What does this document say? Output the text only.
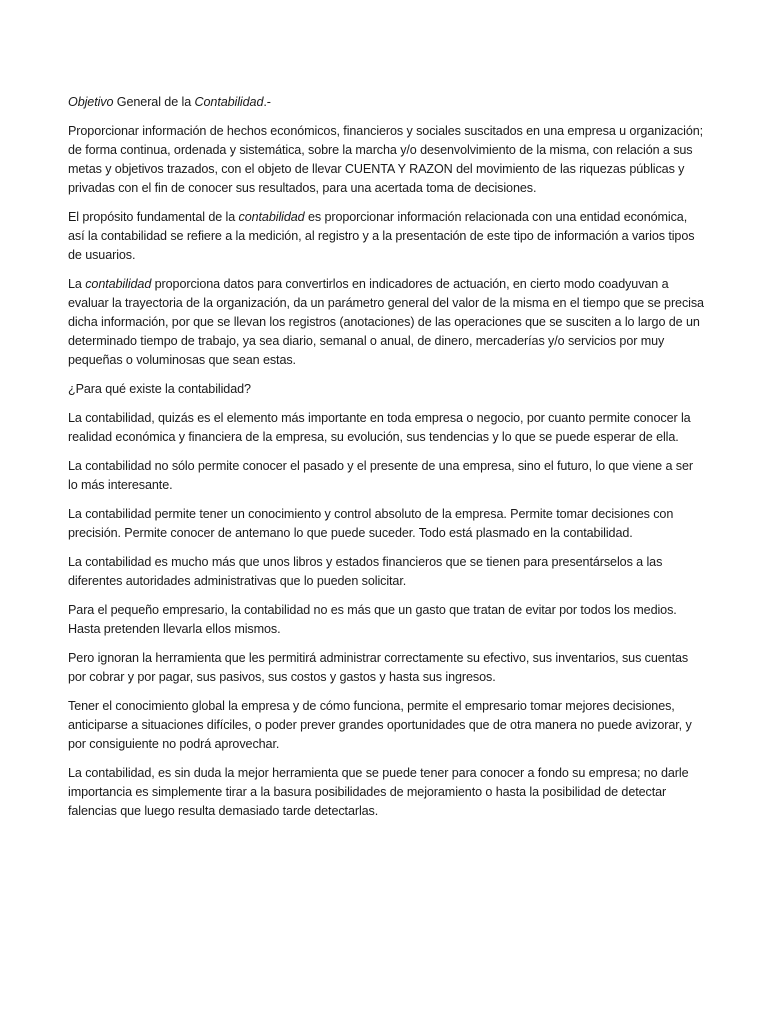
Objetivo General de la Contabilidad.-

Proporcionar información de hechos económicos, financieros y sociales suscitados en una empresa u organización; de forma continua, ordenada y sistemática, sobre la marcha y/o desenvolvimiento de la misma, con relación a sus metas y objetivos trazados, con el objeto de llevar CUENTA Y RAZON del movimiento de las riquezas públicas y privadas con el fin de conocer sus resultados, para una acertada toma de decisiones.

El propósito fundamental de la contabilidad es proporcionar información relacionada con una entidad económica, así la contabilidad se refiere a la medición, al registro y a la presentación de este tipo de información a varios tipos de usuarios.

La contabilidad proporciona datos para convertirlos en indicadores de actuación, en cierto modo coadyuvan a evaluar la trayectoria de la organización, da un parámetro general del valor de la misma en el tiempo que se precisa dicha información, por que se llevan los registros (anotaciones) de las operaciones que se susciten a lo largo de un determinado tiempo de trabajo, ya sea diario, semanal o anual, de dinero, mercaderías y/o servicios por muy pequeñas o voluminosas que sean estas.

¿Para qué existe la contabilidad?

La contabilidad, quizás es el elemento más importante en toda empresa o negocio, por cuanto permite conocer la realidad económica y financiera de la empresa, su evolución, sus tendencias y lo que se puede esperar de ella.

La contabilidad no sólo permite conocer el pasado y el presente de una empresa, sino el futuro, lo que viene a ser lo más interesante.

La contabilidad permite tener un conocimiento y control absoluto de la empresa. Permite tomar decisiones con precisión. Permite conocer de antemano lo que puede suceder. Todo está plasmado en la contabilidad.

La contabilidad es mucho más que unos libros y estados financieros que se tienen para presentárselos a las diferentes autoridades administrativas que lo pueden solicitar.

Para el pequeño empresario, la contabilidad no es más que un gasto que tratan de evitar por todos los medios. Hasta pretenden llevarla ellos mismos.

Pero ignoran la herramienta que les permitirá administrar correctamente su efectivo, sus inventarios, sus cuentas por cobrar y por pagar, sus pasivos, sus costos y gastos y hasta sus ingresos.

Tener el conocimiento global la empresa y de cómo funciona, permite el empresario tomar mejores decisiones, anticiparse a situaciones difíciles, o poder prever grandes oportunidades que de otra manera no puede avizorar, y por consiguiente no podrá aprovechar.

La contabilidad, es sin duda la mejor herramienta que se puede tener para conocer a fondo su empresa; no darle importancia es simplemente tirar a la basura posibilidades de mejoramiento o hasta la posibilidad de detectar falencias que luego resulta demasiado tarde detectarlas.
